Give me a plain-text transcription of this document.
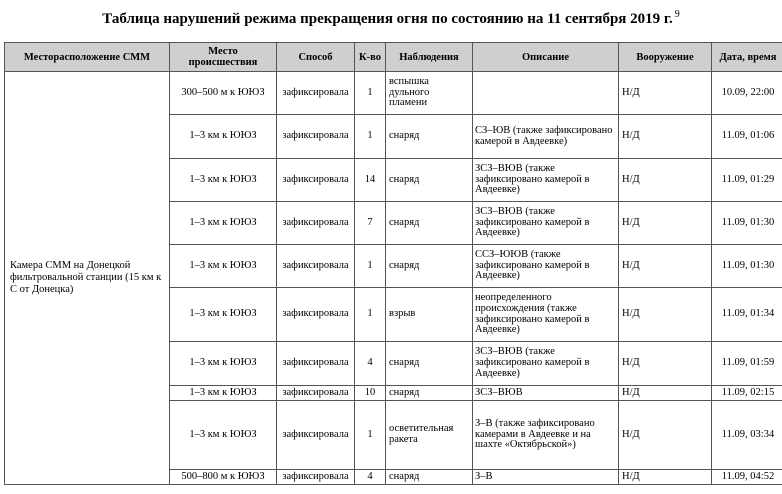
Таблица нарушений режима прекращения огня по состоянию на 11 сентября 2019 г. $^9$
Месторасположение СММ	Место происшествия	Способ	К-во	Наблюдения	Описание	Вооружение	Дата, время
Камера СММ на Донецкой фильтровальной станции (15 км к С от Донецка)	300–500 м к ЮЮЗ	зафиксировала	1	вспышка дульного пламени		Н/Д	10.09, 22:00
	1–3 км к ЮЮЗ	зафиксировала	1	снаряд	СЗ–ЮВ (также зафиксировано камерой в Авдеевке)	Н/Д	11.09, 01:06
	1–3 км к ЮЮЗ	зафиксировала	14	снаряд	ЗСЗ–ВЮВ (также зафиксировано камерой в Авдеевке)	Н/Д	11.09, 01:29
	1–3 км к ЮЮЗ	зафиксировала	7	снаряд	ЗСЗ–ВЮВ (также зафиксировано камерой в Авдеевке)	Н/Д	11.09, 01:30
	1–3 км к ЮЮЗ	зафиксировала	1	снаряд	ССЗ–ЮЮВ (также зафиксировано камерой в Авдеевке)	Н/Д	11.09, 01:30
	1–3 км к ЮЮЗ	зафиксировала	1	взрыв	неопределенного происхождения (также зафиксировано камерой в Авдеевке)	Н/Д	11.09, 01:34
	1–3 км к ЮЮЗ	зафиксировала	4	снаряд	ЗСЗ–ВЮВ (также зафиксировано камерой в Авдеевке)	Н/Д	11.09, 01:59
	1–3 км к ЮЮЗ	зафиксировала	10	снаряд	ЗСЗ–ВЮВ	Н/Д	11.09, 02:15
	1–3 км к ЮЮЗ	зафиксировала	1	осветительная ракета	З–В (также зафиксировано камерами в Авдеевке и на шахте «Октябрьской»)	Н/Д	11.09, 03:34
	500–800 м к ЮЮЗ	зафиксировала	4	снаряд	З–В	Н/Д	11.09, 04:52
